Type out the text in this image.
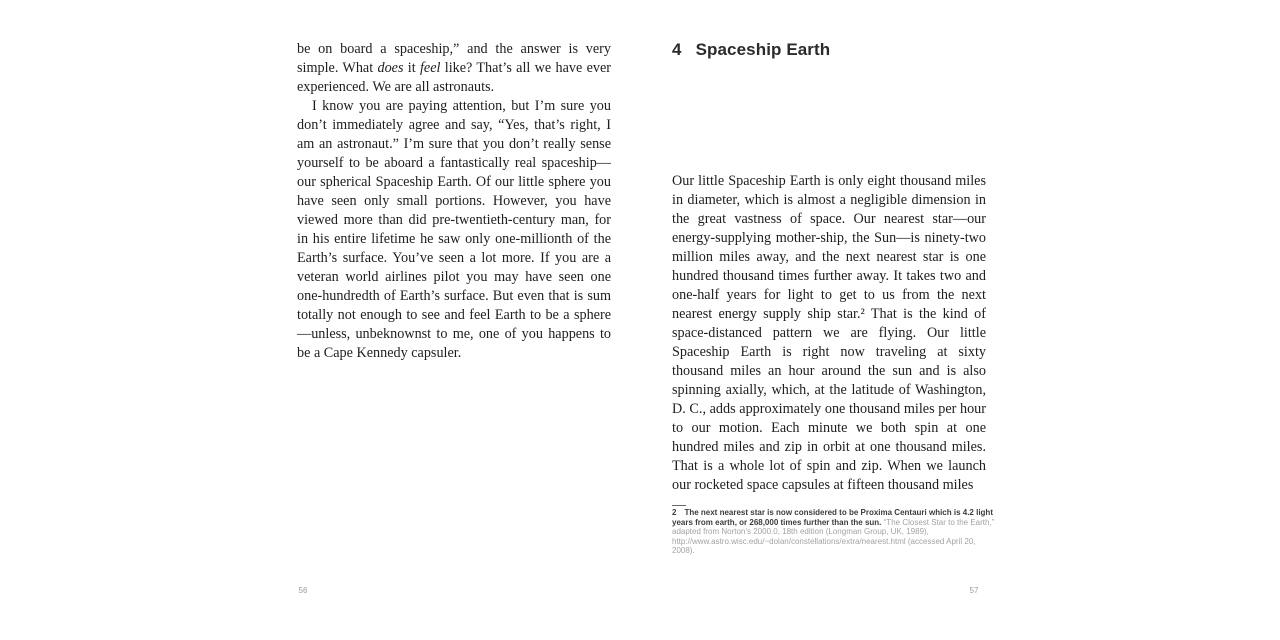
be on board a spaceship,” and the answer is very simple. What does it feel like? That’s all we have ever experienced. We are all astronauts.

I know you are paying attention, but I’m sure you don’t immediately agree and say, “Yes, that’s right, I am an astronaut.” I’m sure that you don’t really sense yourself to be aboard a fantastically real spaceship—our spherical Spaceship Earth. Of our little sphere you have seen only small portions. However, you have viewed more than did pre-twentieth-century man, for in his entire lifetime he saw only one-millionth of the Earth’s surface. You’ve seen a lot more. If you are a veteran world airlines pilot you may have seen one one-hundredth of Earth’s surface. But even that is sum totally not enough to see and feel Earth to be a sphere—unless, unbeknownst to me, one of you happens to be a Cape Kennedy capsuler.

4 Spaceship Earth

Our little Spaceship Earth is only eight thousand miles in diameter, which is almost a negligible dimension in the great vastness of space. Our nearest star—our energy-supplying mother-ship, the Sun—is ninety-two million miles away, and the next nearest star is one hundred thousand times further away. It takes two and one-half years for light to get to us from the next nearest energy supply ship star.² That is the kind of space-distanced pattern we are flying. Our little Spaceship Earth is right now traveling at sixty thousand miles an hour around the sun and is also spinning axially, which, at the latitude of Washington, D. C., adds approximately one thousand miles per hour to our motion. Each minute we both spin at one hundred miles and zip in orbit at one thousand miles. That is a whole lot of spin and zip. When we launch our rocketed space capsules at fifteen thousand miles

2 The next nearest star is now considered to be Proxima Centauri which is 4.2 light years from earth, or 268,000 times further than the sun. “The Closest Star to the Earth,” adapted from Norton’s 2000.0, 18th edition (Longman Group, UK, 1989), http://www.astro.wisc.edu/~dolan/constellations/extra/nearest.html (accessed April 20, 2008).

56	57
